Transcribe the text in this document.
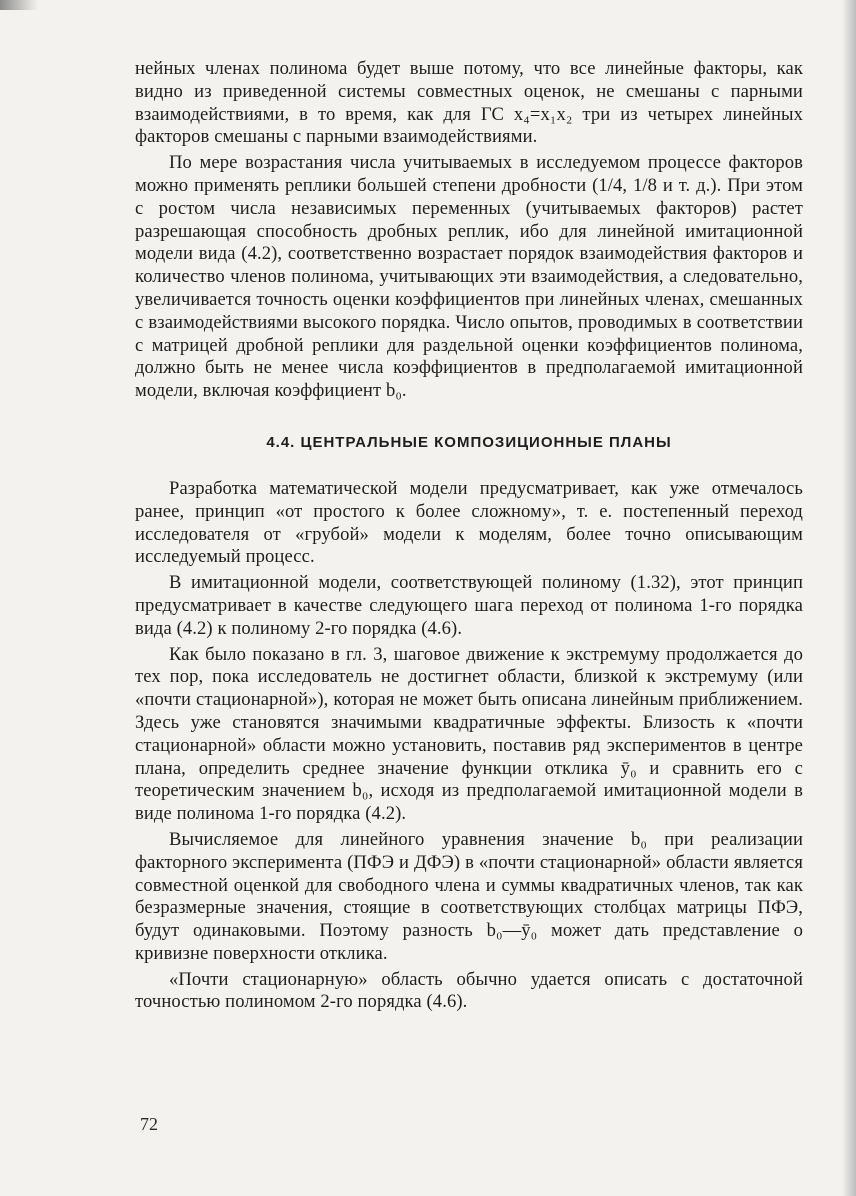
нейных членах полинома будет выше потому, что все линейные факторы, как видно из приведенной системы совместных оценок, не смешаны с парными взаимодействиями, в то время, как для ГС x₄=x₁x₂ три из четырех линейных факторов смешаны с парными взаимодействиями.

По мере возрастания числа учитываемых в исследуемом процессе факторов можно применять реплики большей степени дробности (1/4, 1/8 и т. д.). При этом с ростом числа независимых переменных (учитываемых факторов) растет разрешающая способность дробных реплик, ибо для линейной имитационной модели вида (4.2), соответственно возрастает порядок взаимодействия факторов и количество членов полинома, учитывающих эти взаимодействия, а следовательно, увеличивается точность оценки коэффициентов при линейных членах, смешанных с взаимодействиями высокого порядка. Число опытов, проводимых в соответствии с матрицей дробной реплики для раздельной оценки коэффициентов полинома, должно быть не менее числа коэффициентов в предполагаемой имитационной модели, включая коэффициент b₀.

4.4. ЦЕНТРАЛЬНЫЕ КОМПОЗИЦИОННЫЕ ПЛАНЫ

Разработка математической модели предусматривает, как уже отмечалось ранее, принцип «от простого к более сложному», т. е. постепенный переход исследователя от «грубой» модели к моделям, более точно описывающим исследуемый процесс.

В имитационной модели, соответствующей полиному (1.32), этот принцип предусматривает в качестве следующего шага переход от полинома 1-го порядка вида (4.2) к полиному 2-го порядка (4.6).

Как было показано в гл. 3, шаговое движение к экстремуму продолжается до тех пор, пока исследователь не достигнет области, близкой к экстремуму (или «почти стационарной»), которая не может быть описана линейным приближением. Здесь уже становятся значимыми квадратичные эффекты. Близость к «почти стационарной» области можно установить, поставив ряд экспериментов в центре плана, определить среднее значение функции отклика ȳ₀ и сравнить его с теоретическим значением b₀, исходя из предполагаемой имитационной модели в виде полинома 1-го порядка (4.2).

Вычисляемое для линейного уравнения значение b₀ при реализации факторного эксперимента (ПФЭ и ДФЭ) в «почти стационарной» области является совместной оценкой для свободного члена и суммы квадратичных членов, так как безразмерные значения, стоящие в соответствующих столбцах матрицы ПФЭ, будут одинаковыми. Поэтому разность b₀—ȳ₀ может дать представление о кривизне поверхности отклика.

«Почти стационарную» область обычно удается описать с достаточной точностью полиномом 2-го порядка (4.6).

72
